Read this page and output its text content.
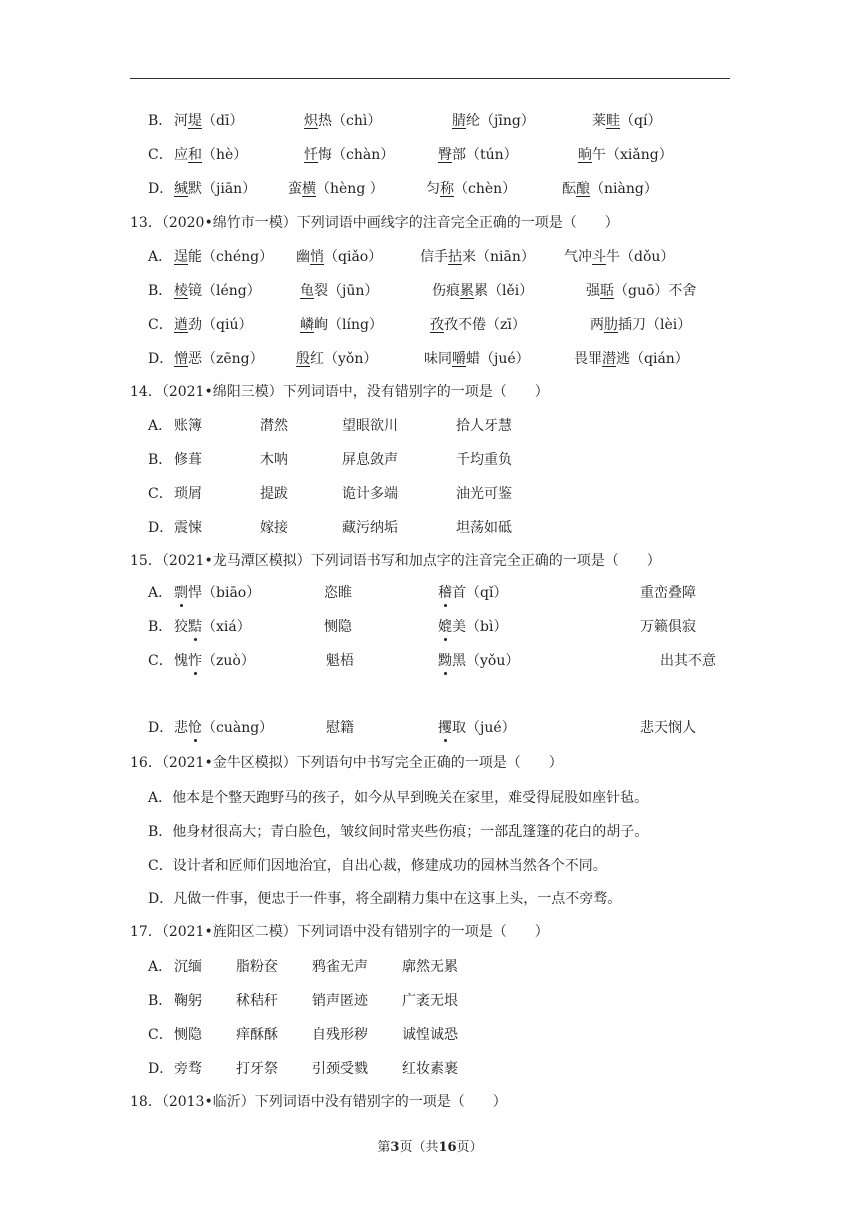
B． 河堤（dī）	炽热（chì）	腈纶（jīng）	莱畦（qí）
C． 应和（hè）	忏悔（chàn）	臀部（tún）	晌午（xiǎng）
D． 缄默（jiān） 蛮横（hèng ）	匀称（chèn）	酝酿（niàng）
13．（2020•绵竹市一模）下列词语中画线字的注音完全正确的一项是（　　）
A． 逞能（chéng） 幽悄（qiǎo）	信手拈来（niān） 气冲斗牛（dǒu）
B． 棱镜（léng）	龟裂（jūn）	伤痕累累（lěi）	强聒（guō）不舍
C． 遒劲（qiú）	嶙峋（líng）	孜孜不倦（zī）	两肋插刀（lèi）
D． 憎恶（zēng） 殷红（yǒn）	味同嚼蜡（jué）	畏罪潜逃（qián）
14．（2021•绵阳三模）下列词语中，没有错别字的一项是（　　）
A． 账簿	潸然	望眼欲川	拾人牙慧
B． 修葺	木呐	屏息敛声	千均重负
C． 琐屑	提跋	诡计多端	油光可鉴
D． 震悚	嫁接	藏污纳垢	坦荡如砥
15．（2021•龙马潭区模拟）下列词语书写和加点字的注音完全正确的一项是（　　）
A． 剽悍（biāo）	恣睢	稽首（qǐ）	重峦叠障
B． 狡黠（xiá）	恻隐	媲美（bì）	万籁俱寂
C． 愧怍（zuò）	魁梧	黝黑（yǒu）	出其不意
D． 悲怆（cuàng）	慰籍	攫取（jué）	悲天悯人
16．（2021•金牛区模拟）下列语句中书写完全正确的一项是（　　）
A．他本是个整天跑野马的孩子，如今从早到晚关在家里，难受得屁股如座针毡。
B．他身材很高大；青白脸色，皱纹间时常夹些伤痕；一部乱篷篷的花白的胡子。
C．设计者和匠师们因地治宜，自出心裁，修建成功的园林当然各个不同。
D．凡做一件事，便忠于一件事，将全副精力集中在这事上头，一点不旁骛。
17．（2021•旌阳区二模）下列词语中没有错别字的一项是（　　）
A． 沉缅 脂粉奁 鸦雀无声 廓然无累
B． 鞠躬 秫秸秆 销声匿迹 广袤无垠
C． 恻隐 痒酥酥 自残形秽 诚惶诚恐
D． 旁骛 打牙祭 引颈受戮 红妆素裹
18．（2013•临沂）下列词语中没有错别字的一项是（　　）
第3页（共16页）
